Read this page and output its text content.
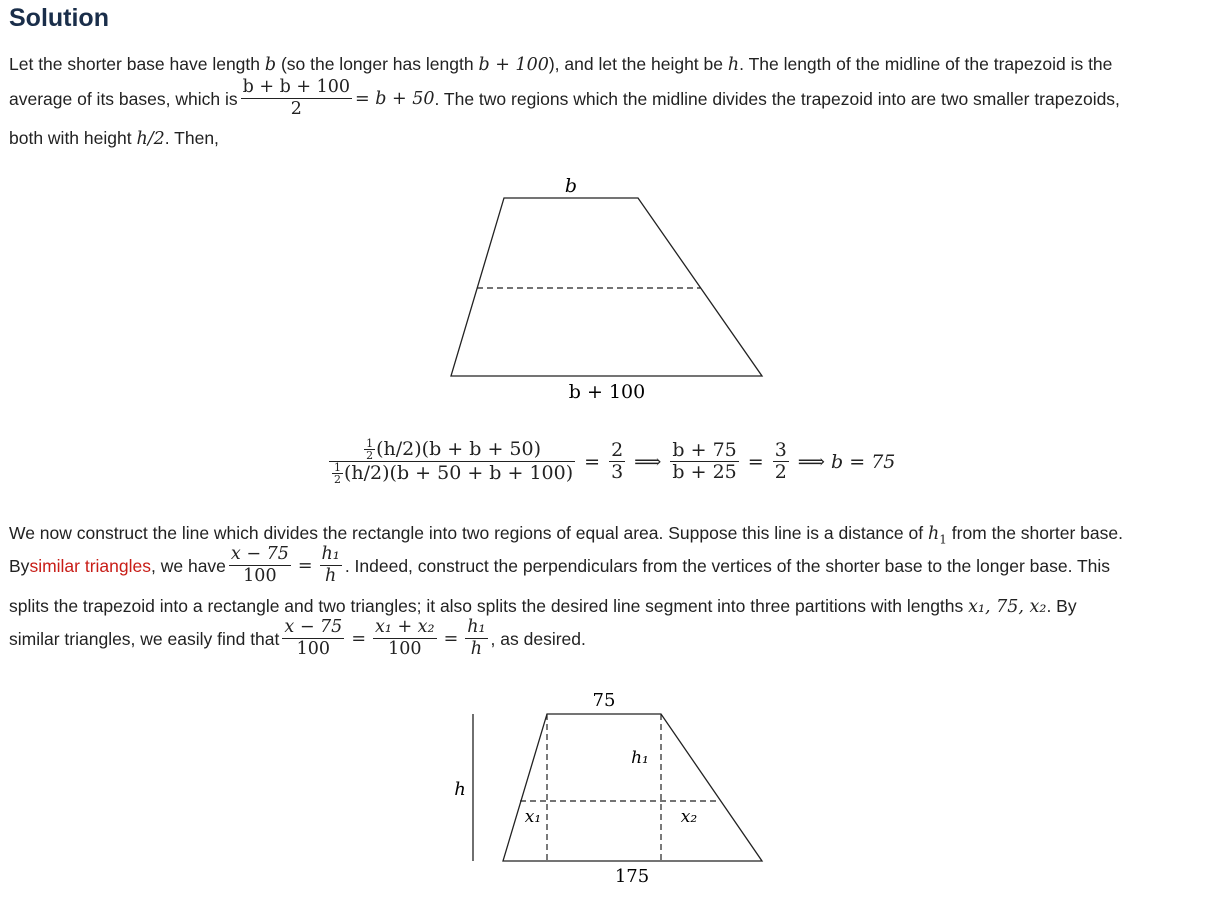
Solution
Let the shorter base have length b (so the longer has length b + 100), and let the height be h. The length of the midline of the trapezoid is the
average of its bases, which is $\frac{b + b + 100}{2} = b + 50$ . The two regions which the midline divides the trapezoid into are two smaller trapezoids,
both with height h/2. Then,
b
b + 100
$\frac{\frac{1}{2} (h/2)(b + b + 50)}{\frac{1}{2} (h/2)(b + 50 + b + 100)} = \frac{2}{3}$ ⟹ $\frac{b + 75}{b + 25} = \frac{3}{2}$ ⟹ b = 75
We now construct the line which divides the rectangle into two regions of equal area. Suppose this line is a distance of $h_1$ from the shorter base.
By similar triangles , we have $\frac{x - 75}{100} = \frac{\text{h₁}}{h}$ . Indeed, construct the perpendiculars from the vertices of the shorter base to the longer base. This
splits the trapezoid into a rectangle and two triangles; it also splits the desired line segment into three partitions with lengths x₁, 75, x₂. By
similar triangles, we easily find that $\frac{x - 75}{100} = \frac{\text{x₁ + x₂}}{100} = \frac{\text{h₁}}{h}$ , as desired.
75
175
h
h₁
x₁	x₂
